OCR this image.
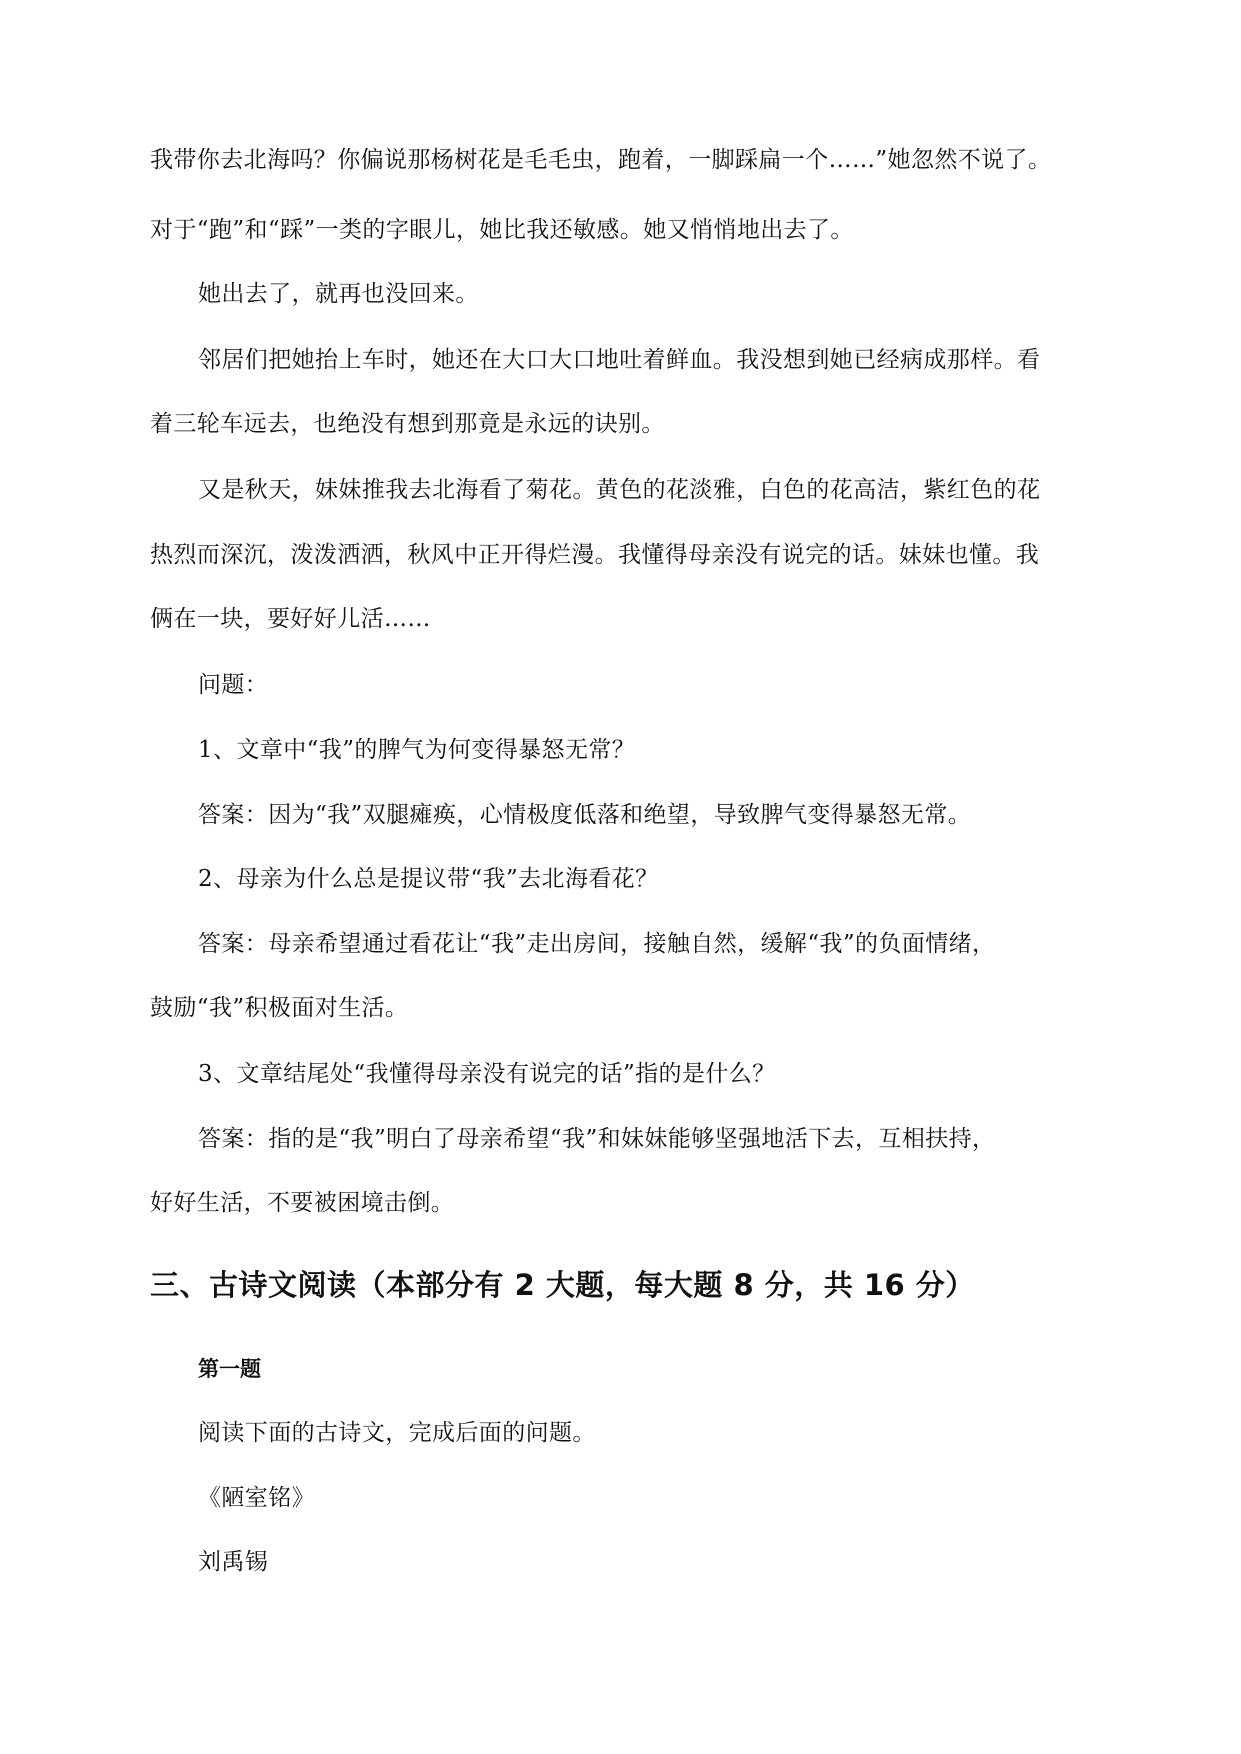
我带你去北海吗？你偏说那杨树花是毛毛虫，跑着，一脚踩扁一个……”她忽然不说了。
对于“跑”和“踩”一类的字眼儿，她比我还敏感。她又悄悄地出去了。
她出去了，就再也没回来。
邻居们把她抬上车时，她还在大口大口地吐着鲜血。我没想到她已经病成那样。看
着三轮车远去，也绝没有想到那竟是永远的诀别。
又是秋天，妹妹推我去北海看了菊花。黄色的花淡雅，白色的花高洁，紫红色的花
热烈而深沉，泼泼洒洒，秋风中正开得烂漫。我懂得母亲没有说完的话。妹妹也懂。我
俩在一块，要好好儿活……
问题：
1、文章中“我”的脾气为何变得暴怒无常？
答案：因为“我”双腿瘫痪，心情极度低落和绝望，导致脾气变得暴怒无常。
2、母亲为什么总是提议带“我”去北海看花？
答案：母亲希望通过看花让“我”走出房间，接触自然，缓解“我”的负面情绪，
鼓励“我”积极面对生活。
3、文章结尾处“我懂得母亲没有说完的话”指的是什么？
答案：指的是“我”明白了母亲希望“我”和妹妹能够坚强地活下去，互相扶持，
好好生活，不要被困境击倒。
三、古诗文阅读（本部分有 2 大题，每大题 8 分，共 16 分）
第一题
阅读下面的古诗文，完成后面的问题。
《陋室铭》
刘禹锡
